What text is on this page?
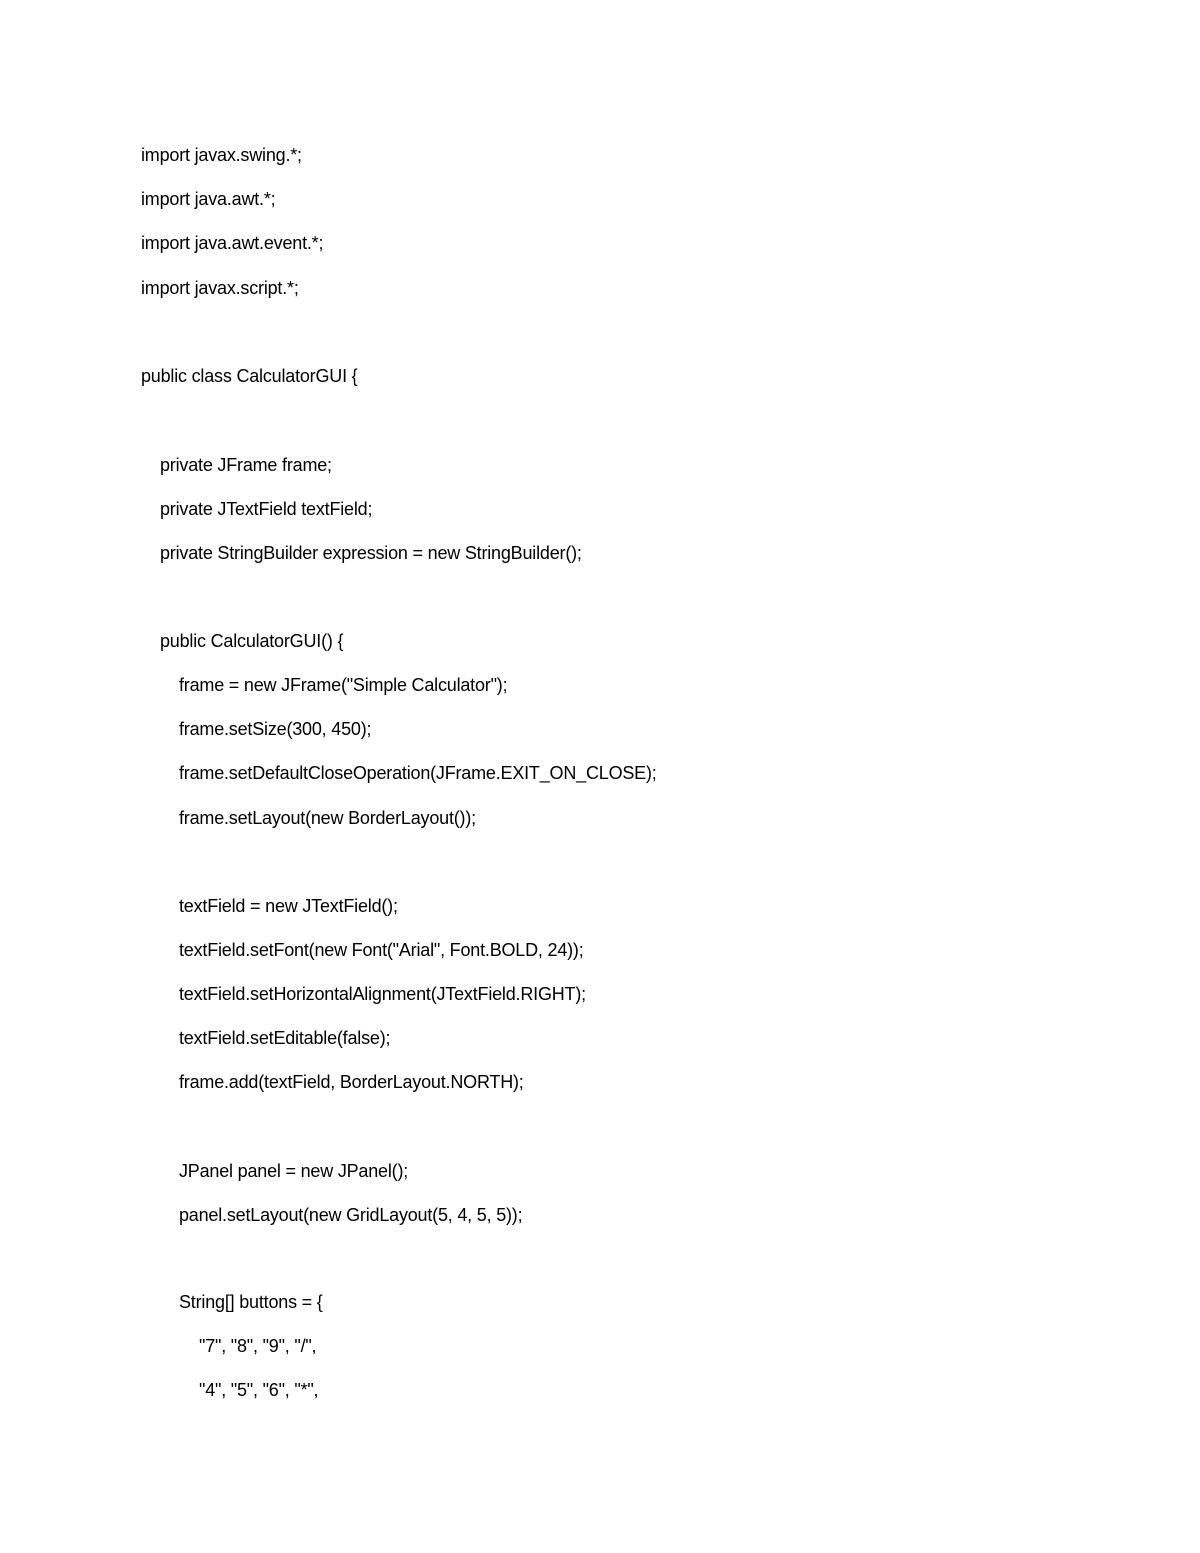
import javax.swing.*;
import java.awt.*;
import java.awt.event.*;
import javax.script.*;
public class CalculatorGUI {
private JFrame frame;
private JTextField textField;
private StringBuilder expression = new StringBuilder();
public CalculatorGUI() {
frame = new JFrame("Simple Calculator");
frame.setSize(300, 450);
frame.setDefaultCloseOperation(JFrame.EXIT_ON_CLOSE);
frame.setLayout(new BorderLayout());
textField = new JTextField();
textField.setFont(new Font("Arial", Font.BOLD, 24));
textField.setHorizontalAlignment(JTextField.RIGHT);
textField.setEditable(false);
frame.add(textField, BorderLayout.NORTH);
JPanel panel = new JPanel();
panel.setLayout(new GridLayout(5, 4, 5, 5));
String[] buttons = {
"7", "8", "9", "/",
"4", "5", "6", "*",
